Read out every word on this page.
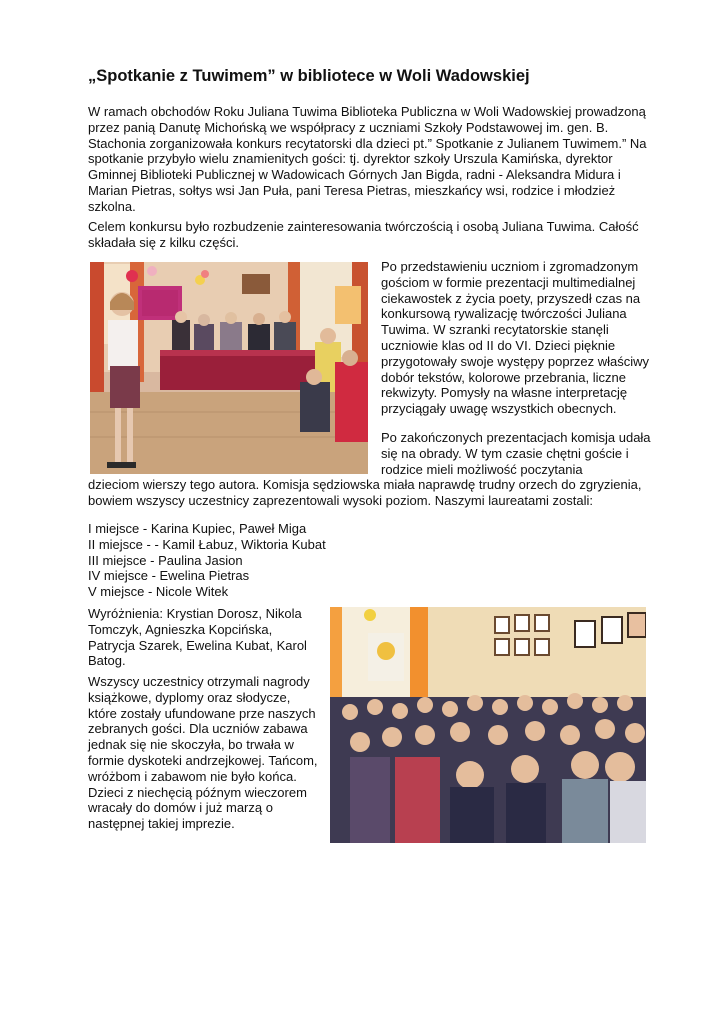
„Spotkanie z Tuwimem” w bibliotece w Woli Wadowskiej

W ramach obchodów Roku Juliana Tuwima Biblioteka Publiczna w Woli Wadowskiej prowadzoną przez panią Danutę Michońską we współpracy z uczniami Szkoły Podstawowej im. gen. B. Stachonia zorganizowała konkurs recytatorski dla dzieci pt.” Spotkanie z Julianem Tuwimem.” Na spotkanie przybyło wielu znamienitych gości: tj. dyrektor szkoły Urszula Kamińska, dyrektor Gminnej Biblioteki Publicznej w Wadowicach Górnych Jan Bigda, radni - Aleksandra Midura i Marian Pietras, sołtys wsi Jan Puła, pani Teresa Pietras, mieszkańcy wsi, rodzice i młodzież szkolna.

Celem konkursu było rozbudzenie zainteresowania twórczością i osobą Juliana Tuwima. Całość składała się z kilku części.

Po przedstawieniu uczniom i zgromadzonym gościom w formie prezentacji multimedialnej ciekawostek z życia poety, przyszedł czas na konkursową rywalizację twórczości Juliana Tuwima. W szranki recytatorskie stanęli uczniowie klas od II do VI. Dzieci pięknie przygotowały swoje występy poprzez właściwy dobór tekstów, kolorowe przebrania, liczne rekwizyty. Pomysły na własne interpretację przyciągały uwagę wszystkich obecnych.

Po zakończonych prezentacjach komisja udała się na obrady. W tym czasie chętni goście i rodzice mieli możliwość poczytania

dzieciom wierszy tego autora. Komisja sędziowska miała naprawdę trudny orzech do zgryzienia, bowiem wszyscy uczestnicy zaprezentowali wysoki poziom. Naszymi laureatami zostali:

I miejsce - Karina Kupiec, Paweł Miga
II miejsce - - Kamil Łabuz, Wiktoria Kubat
III miejsce - Paulina Jasion
IV miejsce - Ewelina Pietras
V miejsce - Nicole Witek

Wyróżnienia: Krystian Dorosz, Nikola Tomczyk, Agnieszka Kopcińska, Patrycja Szarek, Ewelina Kubat, Karol Batog.

Wszyscy uczestnicy otrzymali nagrody książkowe, dyplomy oraz słodycze, które zostały ufundowane prze naszych zebranych gości. Dla uczniów zabawa jednak się nie skoczyła, bo trwała w formie dyskoteki andrzejkowej. Tańcom, wróżbom i zabawom nie było końca. Dzieci z niechęcią późnym wieczorem wracały do domów i już marzą o następnej takiej imprezie.
